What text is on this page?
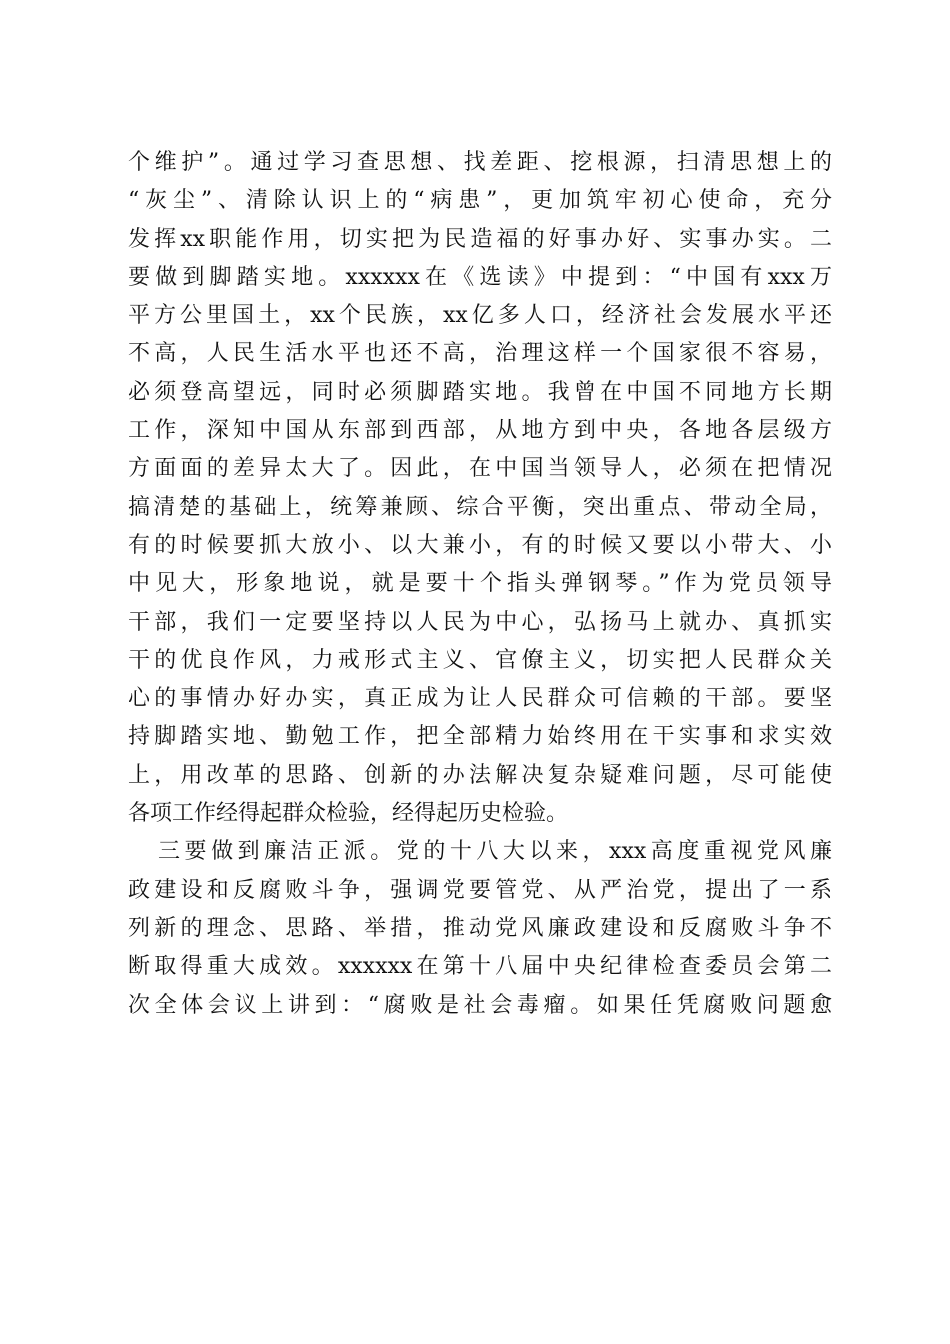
个维护”。通过学习查思想、找差距、挖根源，扫清思想上的
“灰尘”、清除认识上的“病患”，更加筑牢初心使命，充分
发挥xx职能作用，切实把为民造福的好事办好、实事办实。二
要做到脚踏实地。xxxxxx在《选读》中提到：“中国有xxx万
平方公里国土，xx个民族，xx亿多人口，经济社会发展水平还
不高，人民生活水平也还不高，治理这样一个国家很不容易，
必须登高望远，同时必须脚踏实地。我曾在中国不同地方长期
工作，深知中国从东部到西部，从地方到中央，各地各层级方
方面面的差异太大了。因此，在中国当领导人，必须在把情况
搞清楚的基础上，统筹兼顾、综合平衡，突出重点、带动全局，
有的时候要抓大放小、以大兼小，有的时候又要以小带大、小
中见大，形象地说，就是要十个指头弹钢琴。”作为党员领导
干部，我们一定要坚持以人民为中心，弘扬马上就办、真抓实
干的优良作风，力戒形式主义、官僚主义，切实把人民群众关
心的事情办好办实，真正成为让人民群众可信赖的干部。要坚
持脚踏实地、勤勉工作，把全部精力始终用在干实事和求实效
上，用改革的思路、创新的办法解决复杂疑难问题，尽可能使
各项工作经得起群众检验，经得起历史检验。
三要做到廉洁正派。党的十八大以来，xxx高度重视党风廉
政建设和反腐败斗争，强调党要管党、从严治党，提出了一系
列新的理念、思路、举措，推动党风廉政建设和反腐败斗争不
断取得重大成效。xxxxxx在第十八届中央纪律检查委员会第二
次全体会议上讲到：“腐败是社会毒瘤。如果任凭腐败问题愈
